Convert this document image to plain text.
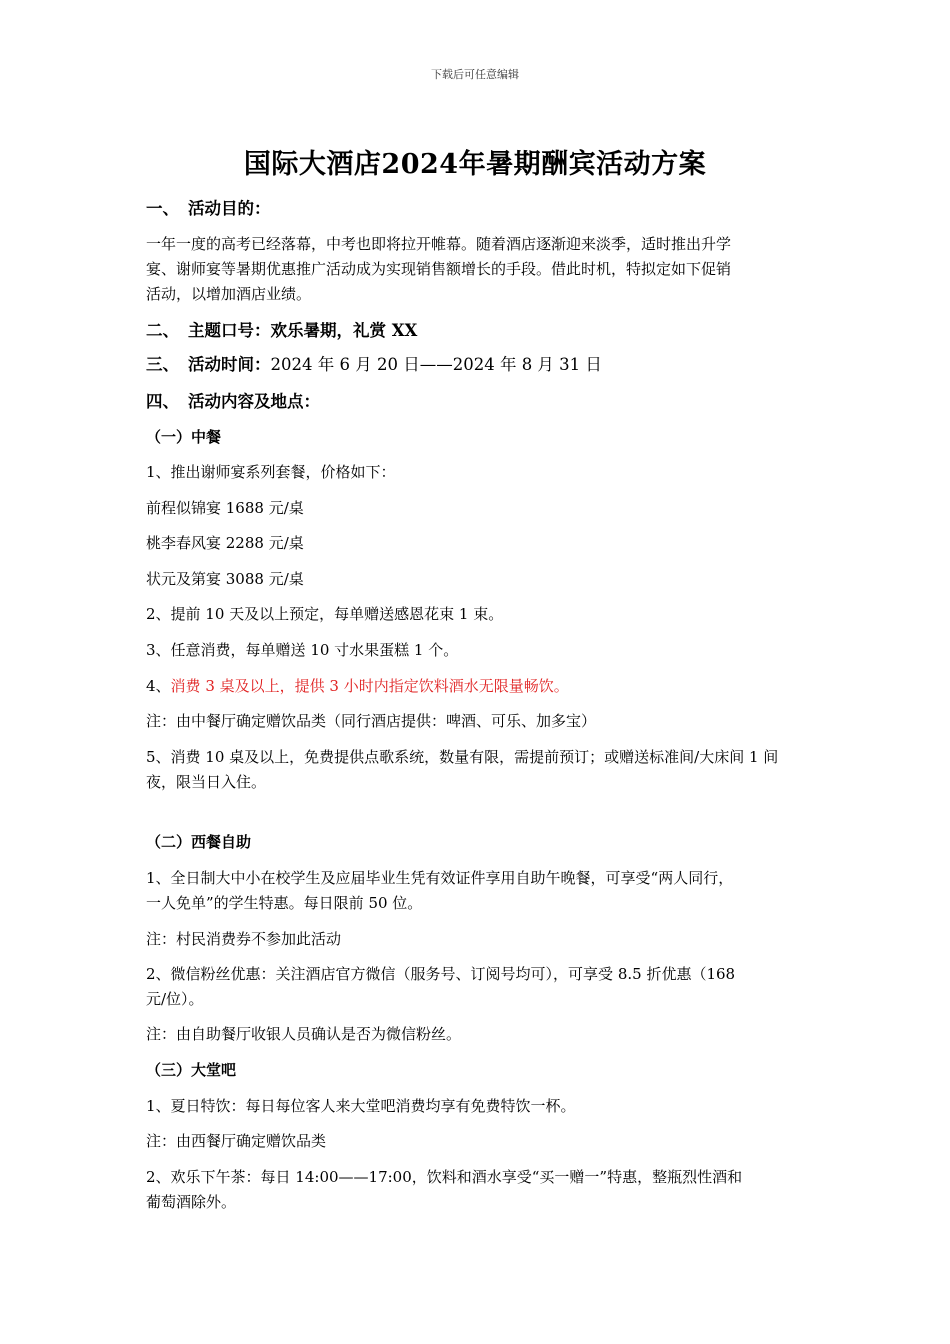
下载后可任意编辑
国际大酒店2024年暑期酬宾活动方案
一、 活动目的：
一年一度的高考已经落幕，中考也即将拉开帷幕。随着酒店逐渐迎来淡季，适时推出升学
宴、谢师宴等暑期优惠推广活动成为实现销售额增长的手段。借此时机，特拟定如下促销
活动，以增加酒店业绩。
二、 主题口号：欢乐暑期，礼赏 XX
三、 活动时间：2024 年 6 月 20 日——2024 年 8 月 31 日
四、 活动内容及地点：
（一）中餐
1、推出谢师宴系列套餐，价格如下：
前程似锦宴 1688 元/桌
桃李春风宴 2288 元/桌
状元及第宴 3088 元/桌
2、提前 10 天及以上预定，每单赠送感恩花束 1 束。
3、任意消费，每单赠送 10 寸水果蛋糕 1 个。
4、消费 3 桌及以上，提供 3 小时内指定饮料酒水无限量畅饮。
注：由中餐厅确定赠饮品类（同行酒店提供：啤酒、可乐、加多宝）
5、消费 10 桌及以上，免费提供点歌系统，数量有限，需提前预订；或赠送标准间/大床间 1 间
夜，限当日入住。
（二）西餐自助
1、全日制大中小在校学生及应届毕业生凭有效证件享用自助午晚餐，可享受“两人同行，
一人免单”的学生特惠。每日限前 50 位。
注：村民消费券不参加此活动
2、微信粉丝优惠：关注酒店官方微信（服务号、订阅号均可），可享受 8.5 折优惠（168
元/位）。
注：由自助餐厅收银人员确认是否为微信粉丝。
（三）大堂吧
1、夏日特饮：每日每位客人来大堂吧消费均享有免费特饮一杯。
注：由西餐厅确定赠饮品类
2、欢乐下午茶：每日 14:00——17:00，饮料和酒水享受“买一赠一”特惠，整瓶烈性酒和
葡萄酒除外。
